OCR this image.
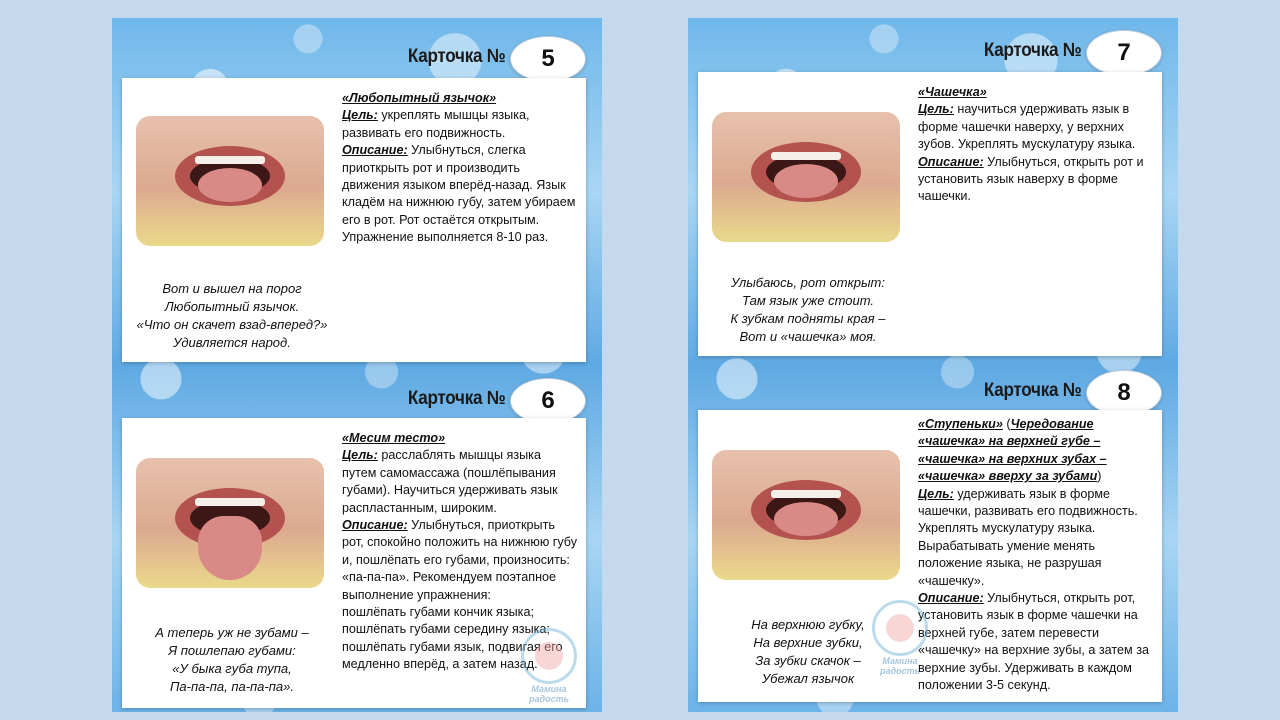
Карточка №	5
Вот и вышел на порог
Любопытный язычок.
«Что он скачет взад-вперед?»
Удивляется народ.
«Любопытный язычок»
Цель: укреплять мышцы языка, развивать его подвижность.
Описание: Улыбнуться, слегка приоткрыть рот и производить движения языком вперёд-назад. Язык кладём на нижнюю губу, затем убираем его в рот. Рот остаётся открытым. Упражнение выполняется 8-10 раз.
Карточка №	6
А теперь уж не зубами –
Я пошлепаю губами:
«У быка губа тупа,
Па-па-па, па-па-па».
«Месим тесто»
Цель: расслаблять мышцы языка путем самомассажа (пошлёпывания губами). Научиться удерживать язык распластанным, широким.
Описание: Улыбнуться, приоткрыть рот, спокойно положить на нижнюю губу и, пошлёпать его губами, произносить: «па-па-па». Рекомендуем поэтапное выполнение упражнения:
пошлёпать губами кончик языка;
пошлёпать губами середину языка;
пошлёпать губами язык, подвигая его медленно вперёд, а затем назад.
Мамина радость
Карточка №	7
Улыбаюсь, рот открыт:
Там язык уже стоит.
К зубкам подняты края –
Вот и «чашечка» моя.
«Чашечка»
Цель: научиться удерживать язык в форме чашечки наверху, у верхних зубов. Укреплять мускулатуру языка.
Описание: Улыбнуться, открыть рот и установить язык наверху в форме чашечки.
Карточка №	8
На верхнюю губку,
На верхние зубки,
За зубки скачок –
Убежал язычок
«Ступеньки» (Чередование «чашечка» на верхней губе – «чашечка» на верхних зубах – «чашечка» вверху за зубами)
Цель: удерживать язык в форме чашечки, развивать его подвижность. Укреплять мускулатуру языка. Вырабатывать умение менять положение языка, не разрушая «чашечку».
Описание: Улыбнуться, открыть рот, установить язык в форме чашечки на верхней губе, затем перевести «чашечку» на верхние зубы, а затем за верхние зубы. Удерживать в каждом положении 3-5 секунд.
Мамина радость
